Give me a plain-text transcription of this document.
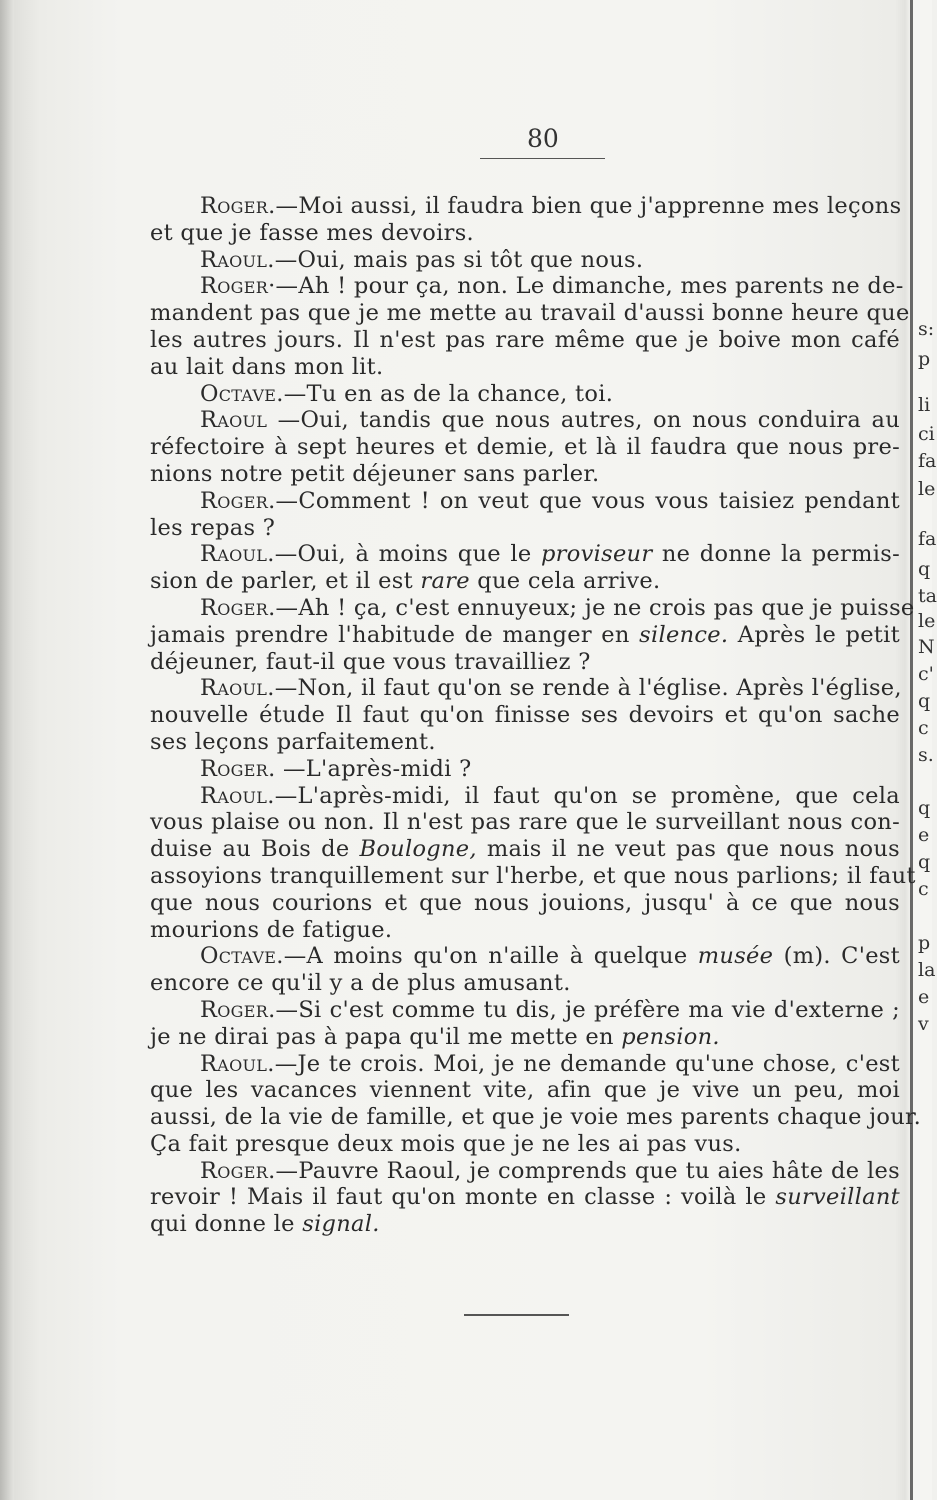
80
Roger.—Moi aussi, il faudra bien que j'apprenne mes leçons
et que je fasse mes devoirs.
Raoul.—Oui, mais pas si tôt que nous.
Roger·—Ah ! pour ça, non. Le dimanche, mes parents ne de-
mandent pas que je me mette au travail d'aussi bonne heure que
les autres jours. Il n'est pas rare même que je boive mon café
au lait dans mon lit.
Octave.—Tu en as de la chance, toi.
Raoul —Oui, tandis que nous autres, on nous conduira au
réfectoire à sept heures et demie, et là il faudra que nous pre-
nions notre petit déjeuner sans parler.
Roger.—Comment ! on veut que vous vous taisiez pendant
les repas ?
Raoul.—Oui, à moins que le proviseur ne donne la permis-
sion de parler, et il est rare que cela arrive.
Roger.—Ah ! ça, c'est ennuyeux; je ne crois pas que je puisse
jamais prendre l'habitude de manger en silence. Après le petit
déjeuner, faut-il que vous travailliez ?
Raoul.—Non, il faut qu'on se rende à l'église. Après l'église,
nouvelle étude Il faut qu'on finisse ses devoirs et qu'on sache
ses leçons parfaitement.
Roger. —L'après-midi ?
Raoul.—L'après-midi, il faut qu'on se promène, que cela
vous plaise ou non. Il n'est pas rare que le surveillant nous con-
duise au Bois de Boulogne, mais il ne veut pas que nous nous
assoyions tranquillement sur l'herbe, et que nous parlions; il faut
que nous courions et que nous jouions, jusqu' à ce que nous
mourions de fatigue.
Octave.—A moins qu'on n'aille à quelque musée (m). C'est
encore ce qu'il y a de plus amusant.
Roger.—Si c'est comme tu dis, je préfère ma vie d'externe ;
je ne dirai pas à papa qu'il me mette en pension.
Raoul.—Je te crois. Moi, je ne demande qu'une chose, c'est
que les vacances viennent vite, afin que je vive un peu, moi
aussi, de la vie de famille, et que je voie mes parents chaque jour.
Ça fait presque deux mois que je ne les ai pas vus.
Roger.—Pauvre Raoul, je comprends que tu aies hâte de les
revoir ! Mais il faut qu'on monte en classe : voilà le surveillant
qui donne le signal.
s:
p
li
ci
fa
le
fa
q
ta
le
N
c'
q
c
s.
q
e
q
c
p
la
e
v
